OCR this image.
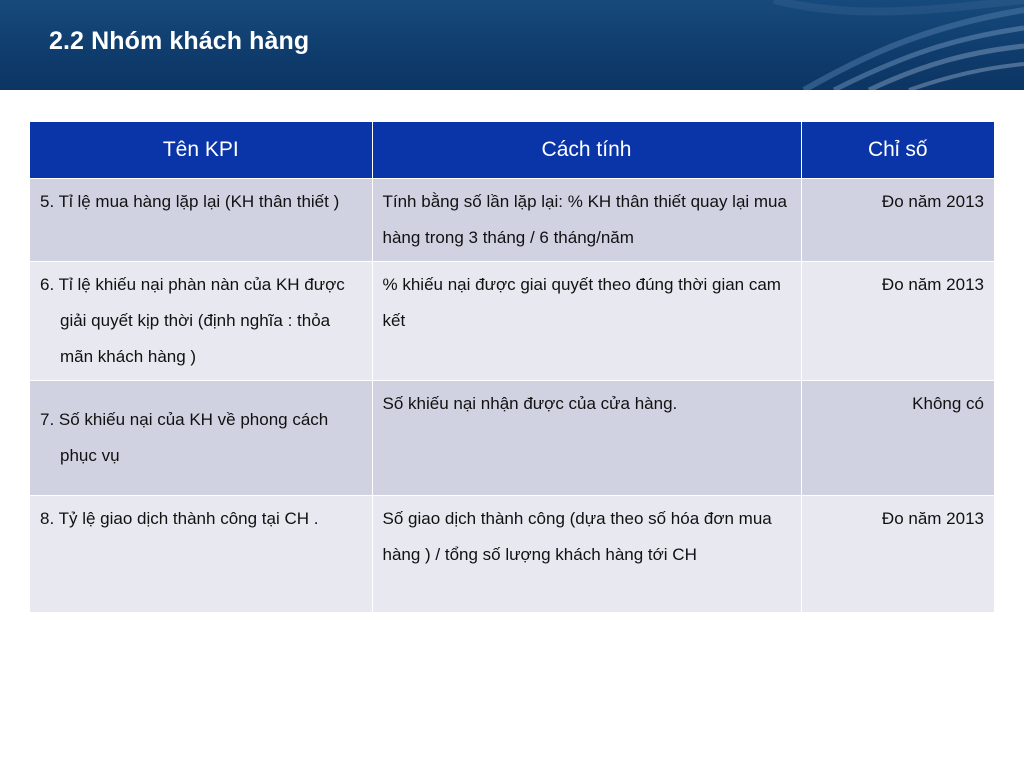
2.2 Nhóm khách hàng
Tên KPI	Cách tính	Chỉ số

5. Tỉ lệ mua hàng lặp lại (KH thân thiết )	Tính bằng số lần lặp lại: % KH thân thiết quay lại mua hàng trong 3 tháng / 6 tháng/năm	Đo năm 2013

6. Tỉ lệ khiếu nại phàn nàn của KH được giải quyết kịp thời (định nghĩa : thỏa mãn khách hàng )	% khiếu nại được giai quyết theo đúng thời gian cam kết	Đo năm 2013

7. Số khiếu nại của KH về phong cách phục vụ	Số khiếu nại nhận được của cửa hàng.	Không có
8. Tỷ lệ giao dịch thành công tại CH .	Số giao dịch thành công (dựa theo số hóa đơn mua hàng ) / tổng số lượng khách hàng tới CH	Đo năm 2013
